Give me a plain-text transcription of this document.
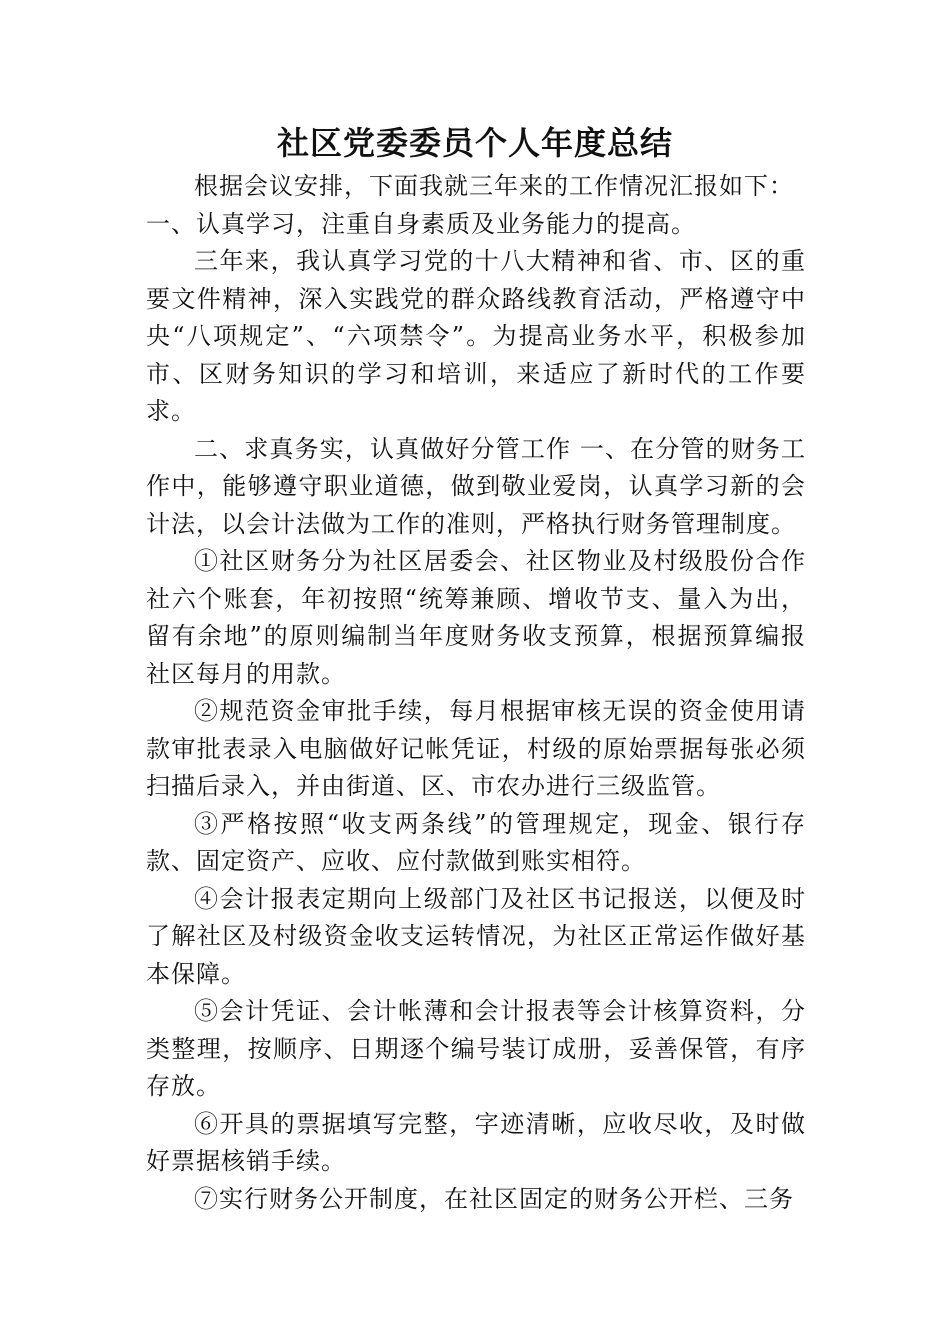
社区党委委员个人年度总结

根据会议安排，下面我就三年来的工作情况汇报如下：

一、认真学习，注重自身素质及业务能力的提高。

三年来，我认真学习党的十八大精神和省、市、区的重要文件精神，深入实践党的群众路线教育活动，严格遵守中央“八项规定”、“六项禁令”。为提高业务水平，积极参加市、区财务知识的学习和培训，来适应了新时代的工作要求。

二、求真务实，认真做好分管工作 一、在分管的财务工作中，能够遵守职业道德，做到敬业爱岗，认真学习新的会计法，以会计法做为工作的准则，严格执行财务管理制度。

①社区财务分为社区居委会、社区物业及村级股份合作社六个账套，年初按照“统筹兼顾、增收节支、量入为出，留有余地”的原则编制当年度财务收支预算，根据预算编报社区每月的用款。

②规范资金审批手续，每月根据审核无误的资金使用请款审批表录入电脑做好记帐凭证，村级的原始票据每张必须扫描后录入，并由街道、区、市农办进行三级监管。

③严格按照“收支两条线”的管理规定，现金、银行存款、固定资产、应收、应付款做到账实相符。

④会计报表定期向上级部门及社区书记报送，以便及时了解社区及村级资金收支运转情况，为社区正常运作做好基本保障。

⑤会计凭证、会计帐薄和会计报表等会计核算资料，分类整理，按顺序、日期逐个编号装订成册，妥善保管，有序存放。

⑥开具的票据填写完整，字迹清晰，应收尽收，及时做好票据核销手续。

⑦实行财务公开制度，在社区固定的财务公开栏、三务
